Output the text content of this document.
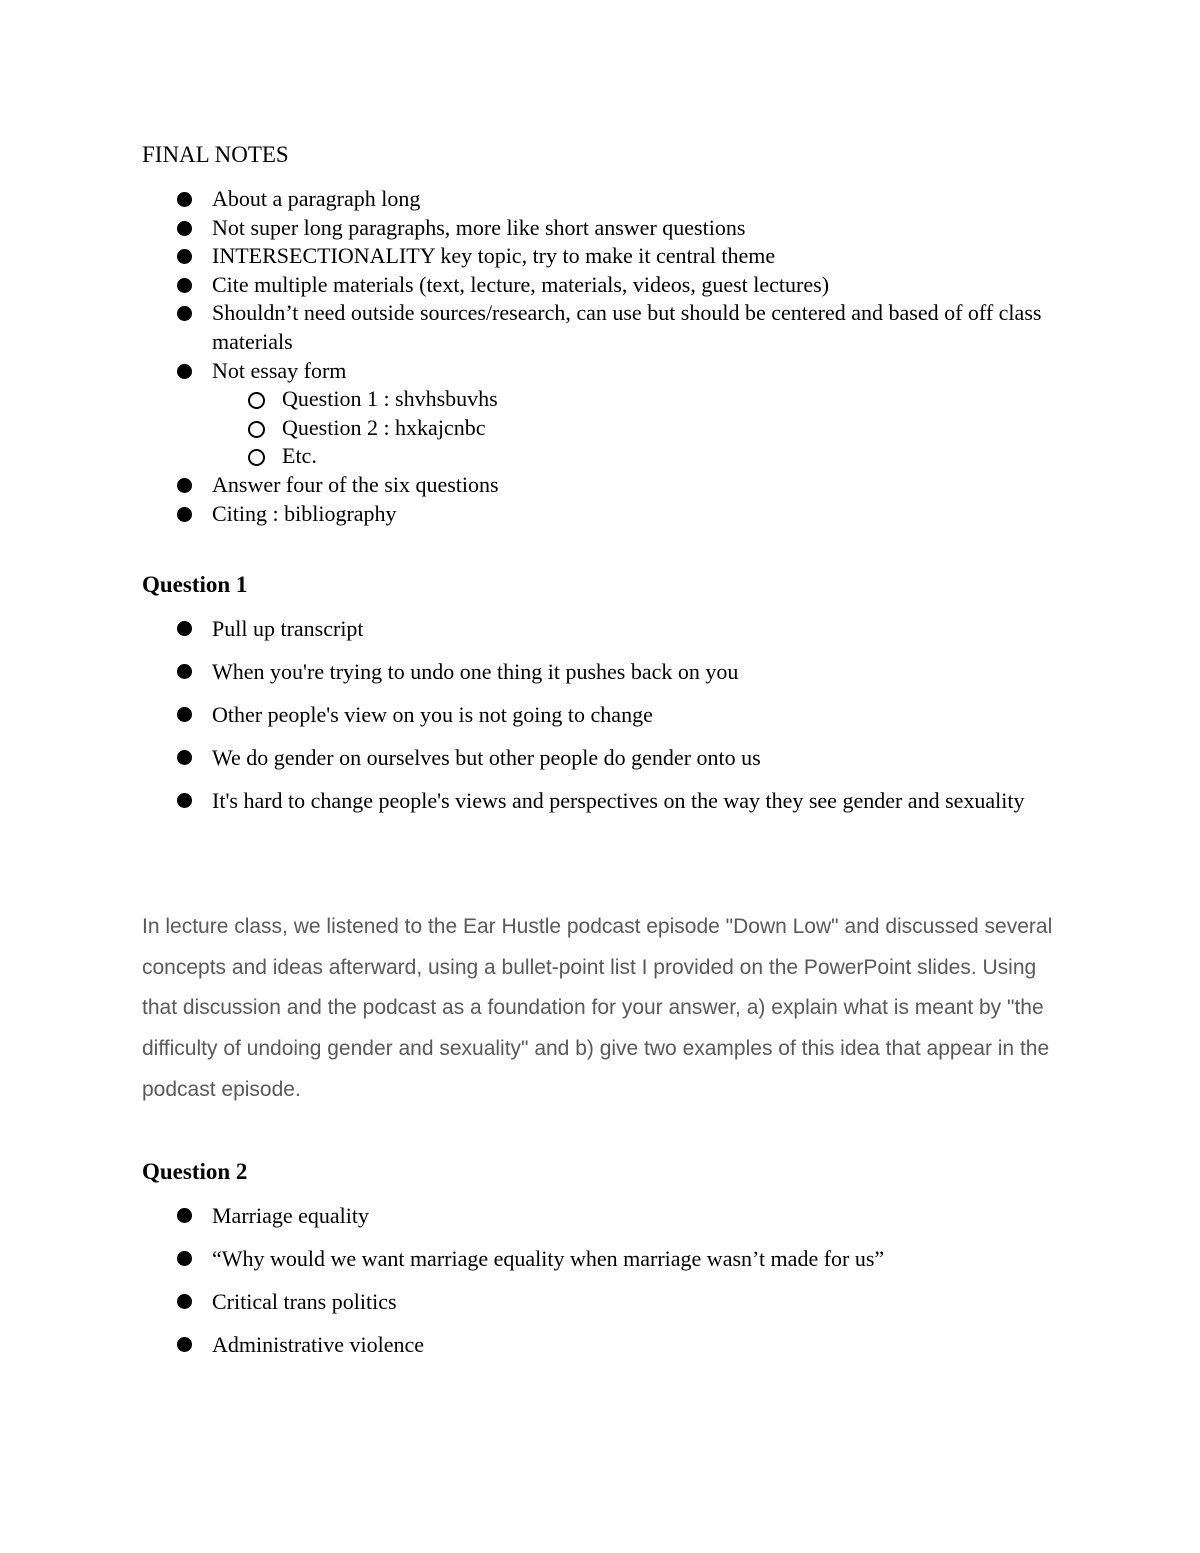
FINAL NOTES
About a paragraph long
Not super long paragraphs, more like short answer questions
INTERSECTIONALITY key topic, try to make it central theme
Cite multiple materials (text, lecture, materials, videos, guest lectures)
Shouldn’t need outside sources/research, can use but should be centered and based of off class materials
Not essay form
Question 1 : shvhsbuvhs
Question 2 : hxkajcnbc
Etc.
Answer four of the six questions
Citing : bibliography
Question 1
Pull up transcript
When you're trying to undo one thing it pushes back on you
Other people's view on you is not going to change
We do gender on ourselves but other people do gender onto us
It's hard to change people's views and perspectives on the way they see gender and sexuality

In lecture class, we listened to the Ear Hustle podcast episode "Down Low" and discussed several concepts and ideas afterward, using a bullet-point list I provided on the PowerPoint slides. Using that discussion and the podcast as a foundation for your answer, a) explain what is meant by "the difficulty of undoing gender and sexuality" and b) give two examples of this idea that appear in the podcast episode.

Question 2
Marriage equality
“Why would we want marriage equality when marriage wasn’t made for us”
Critical trans politics
Administrative violence
